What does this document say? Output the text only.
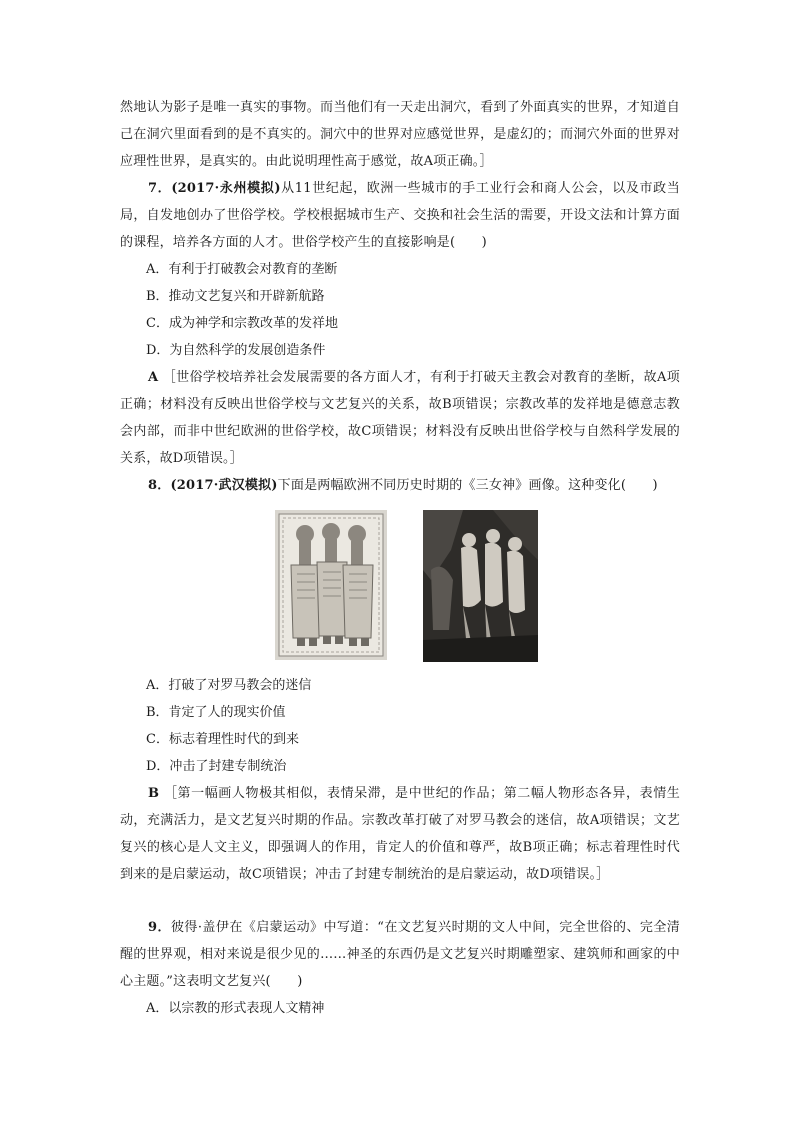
然地认为影子是唯一真实的事物。而当他们有一天走出洞穴，看到了外面真实的世界，才知道自己在洞穴里面看到的是不真实的。洞穴中的世界对应感觉世界，是虚幻的；而洞穴外面的世界对应理性世界，是真实的。由此说明理性高于感觉，故A项正确。］

7．(2017·永州模拟)从11世纪起，欧洲一些城市的手工业行会和商人公会，以及市政当局，自发地创办了世俗学校。学校根据城市生产、交换和社会生活的需要，开设文法和计算方面的课程，培养各方面的人才。世俗学校产生的直接影响是(　　)

A．有利于打破教会对教育的垄断

B．推动文艺复兴和开辟新航路

C．成为神学和宗教改革的发祥地

D．为自然科学的发展创造条件

A ［世俗学校培养社会发展需要的各方面人才，有利于打破天主教会对教育的垄断，故A项正确；材料没有反映出世俗学校与文艺复兴的关系，故B项错误；宗教改革的发祥地是德意志教会内部，而非中世纪欧洲的世俗学校，故C项错误；材料没有反映出世俗学校与自然科学发展的关系，故D项错误。］

8．(2017·武汉模拟)下面是两幅欧洲不同历史时期的《三女神》画像。这种变化(　　)

A．打破了对罗马教会的迷信

B．肯定了人的现实价值

C．标志着理性时代的到来

D．冲击了封建专制统治

B ［第一幅画人物极其相似，表情呆滞，是中世纪的作品；第二幅人物形态各异，表情生动，充满活力，是文艺复兴时期的作品。宗教改革打破了对罗马教会的迷信，故A项错误；文艺复兴的核心是人文主义，即强调人的作用，肯定人的价值和尊严，故B项正确；标志着理性时代到来的是启蒙运动，故C项错误；冲击了封建专制统治的是启蒙运动，故D项错误。］

9．彼得·盖伊在《启蒙运动》中写道：“在文艺复兴时期的文人中间，完全世俗的、完全清醒的世界观，相对来说是很少见的……神圣的东西仍是文艺复兴时期雕塑家、建筑师和画家的中心主题。”这表明文艺复兴(　　)

A．以宗教的形式表现人文精神
